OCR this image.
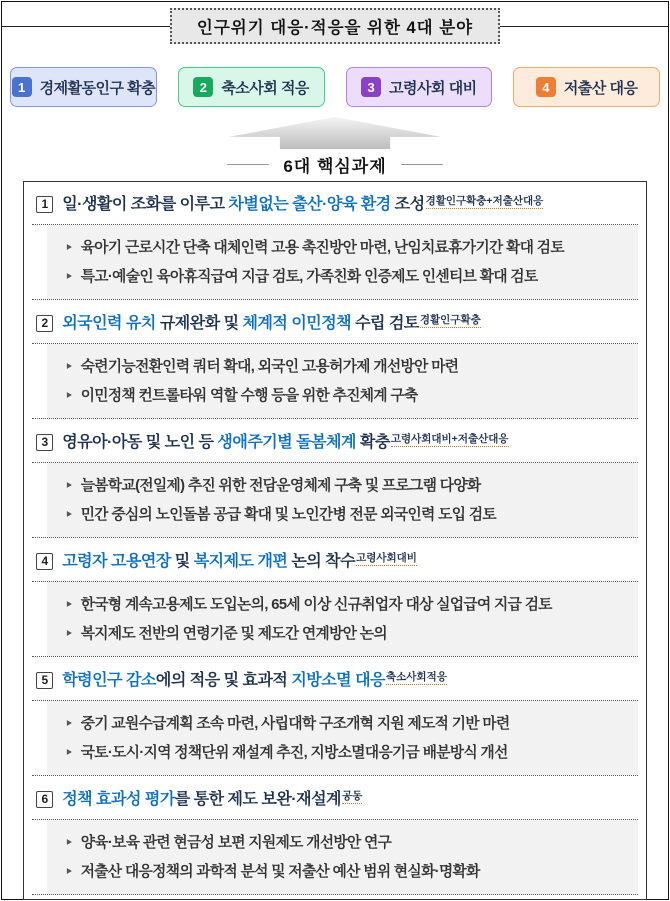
인구위기 대응·적응을 위한 4대 분야
1 경제활동인구 확충	2 축소사회 적응	3 고령사회 대비	4 저출산 대응
6대 핵심과제
1 일·생활이 조화를 이루고 차별없는 출산·양육 환경 조성$^{경활인구확충+저출산대응}$
‣ 육아기 근로시간 단축 대체인력 고용 촉진방안 마련, 난임치료휴가기간 확대 검토
‣ 특고·예술인 육아휴직급여 지급 검토, 가족친화 인증제도 인센티브 확대 검토
2 외국인력 유치 규제완화 및 체계적 이민정책 수립 검토$^{경활인구확충}$
‣ 숙련기능전환인력 쿼터 확대, 외국인 고용허가제 개선방안 마련
‣ 이민정책 컨트롤타워 역할 수행 등을 위한 추진체계 구축
3 영유아·아동 및 노인 등 생애주기별 돌봄체계 확충$^{고령사회대비+저출산대응}$
‣ 늘봄학교(전일제) 추진 위한 전담운영체제 구축 및 프로그램 다양화
‣ 민간 중심의 노인돌봄 공급 확대 및 노인간병 전문 외국인력 도입 검토
4 고령자 고용연장 및 복지제도 개편 논의 착수$^{고령사회대비}$
‣ 한국형 계속고용제도 도입논의, 65세 이상 신규취업자 대상 실업급여 지급 검토
‣ 복지제도 전반의 연령기준 및 제도간 연계방안 논의
5 학령인구 감소에의 적응 및 효과적 지방소멸 대응$^{축소사회적응}$
‣ 중기 교원수급계획 조속 마련, 사립대학 구조개혁 지원 제도적 기반 마련
‣ 국토·도시·지역 정책단위 재설계 추진, 지방소멸대응기금 배분방식 개선
6 정책 효과성 평가를 통한 제도 보완·재설계$^{공동}$
‣ 양육·보육 관련 현금성 보편 지원제도 개선방안 연구
‣ 저출산 대응정책의 과학적 분석 및 저출산 예산 범위 현실화·명확화
